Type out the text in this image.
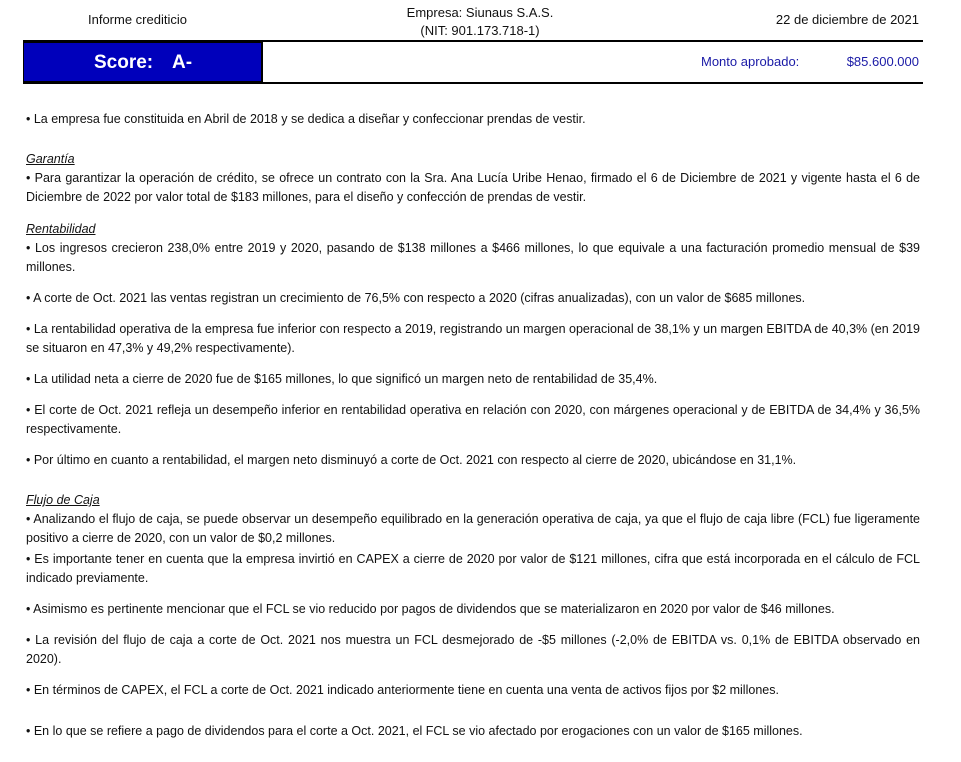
Informe crediticio	Empresa: Siunaus S.A.S.
(NIT: 901.173.718-1)
22 de diciembre de 2021
Score: A-	Monto aprobado:	$85.600.000

• La empresa fue constituida en Abril de 2018 y se dedica a diseñar y confeccionar prendas de vestir.

Garantía

• Para garantizar la operación de crédito, se ofrece un contrato con la Sra. Ana Lucía Uribe Henao, firmado el 6 de Diciembre de 2021 y vigente hasta el 6 de Diciembre de 2022 por valor total de $183 millones, para el diseño y confección de prendas de vestir.

Rentabilidad

• Los ingresos crecieron 238,0% entre 2019 y 2020, pasando de $138 millones a $466 millones, lo que equivale a una facturación promedio mensual de $39 millones.

• A corte de Oct. 2021 las ventas registran un crecimiento de 76,5% con respecto a 2020 (cifras anualizadas), con un valor de $685 millones.

• La rentabilidad operativa de la empresa fue inferior con respecto a 2019, registrando un margen operacional de 38,1% y un margen EBITDA de 40,3% (en 2019 se situaron en 47,3% y 49,2% respectivamente).

• La utilidad neta a cierre de 2020 fue de $165 millones, lo que significó un margen neto de rentabilidad de 35,4%.

• El corte de Oct. 2021 refleja un desempeño inferior en rentabilidad operativa en relación con 2020, con márgenes operacional y de EBITDA de 34,4% y 36,5% respectivamente.

• Por último en cuanto a rentabilidad, el margen neto disminuyó a corte de Oct. 2021 con respecto al cierre de 2020, ubicándose en 31,1%.

Flujo de Caja

• Analizando el flujo de caja, se puede observar un desempeño equilibrado en la generación operativa de caja, ya que el flujo de caja libre (FCL) fue ligeramente positivo a cierre de 2020, con un valor de $0,2 millones.

• Es importante tener en cuenta que la empresa invirtió en CAPEX a cierre de 2020 por valor de $121 millones, cifra que está incorporada en el cálculo de FCL indicado previamente.

• Asimismo es pertinente mencionar que el FCL se vio reducido por pagos de dividendos que se materializaron en 2020 por valor de $46 millones.

• La revisión del flujo de caja a corte de Oct. 2021 nos muestra un FCL desmejorado de -$5 millones (-2,0% de EBITDA vs. 0,1% de EBITDA observado en 2020).

• En términos de CAPEX, el FCL a corte de Oct. 2021 indicado anteriormente tiene en cuenta una venta de activos fijos por $2 millones.

• En lo que se refiere a pago de dividendos para el corte a Oct. 2021, el FCL se vio afectado por erogaciones con un valor de $165 millones.
